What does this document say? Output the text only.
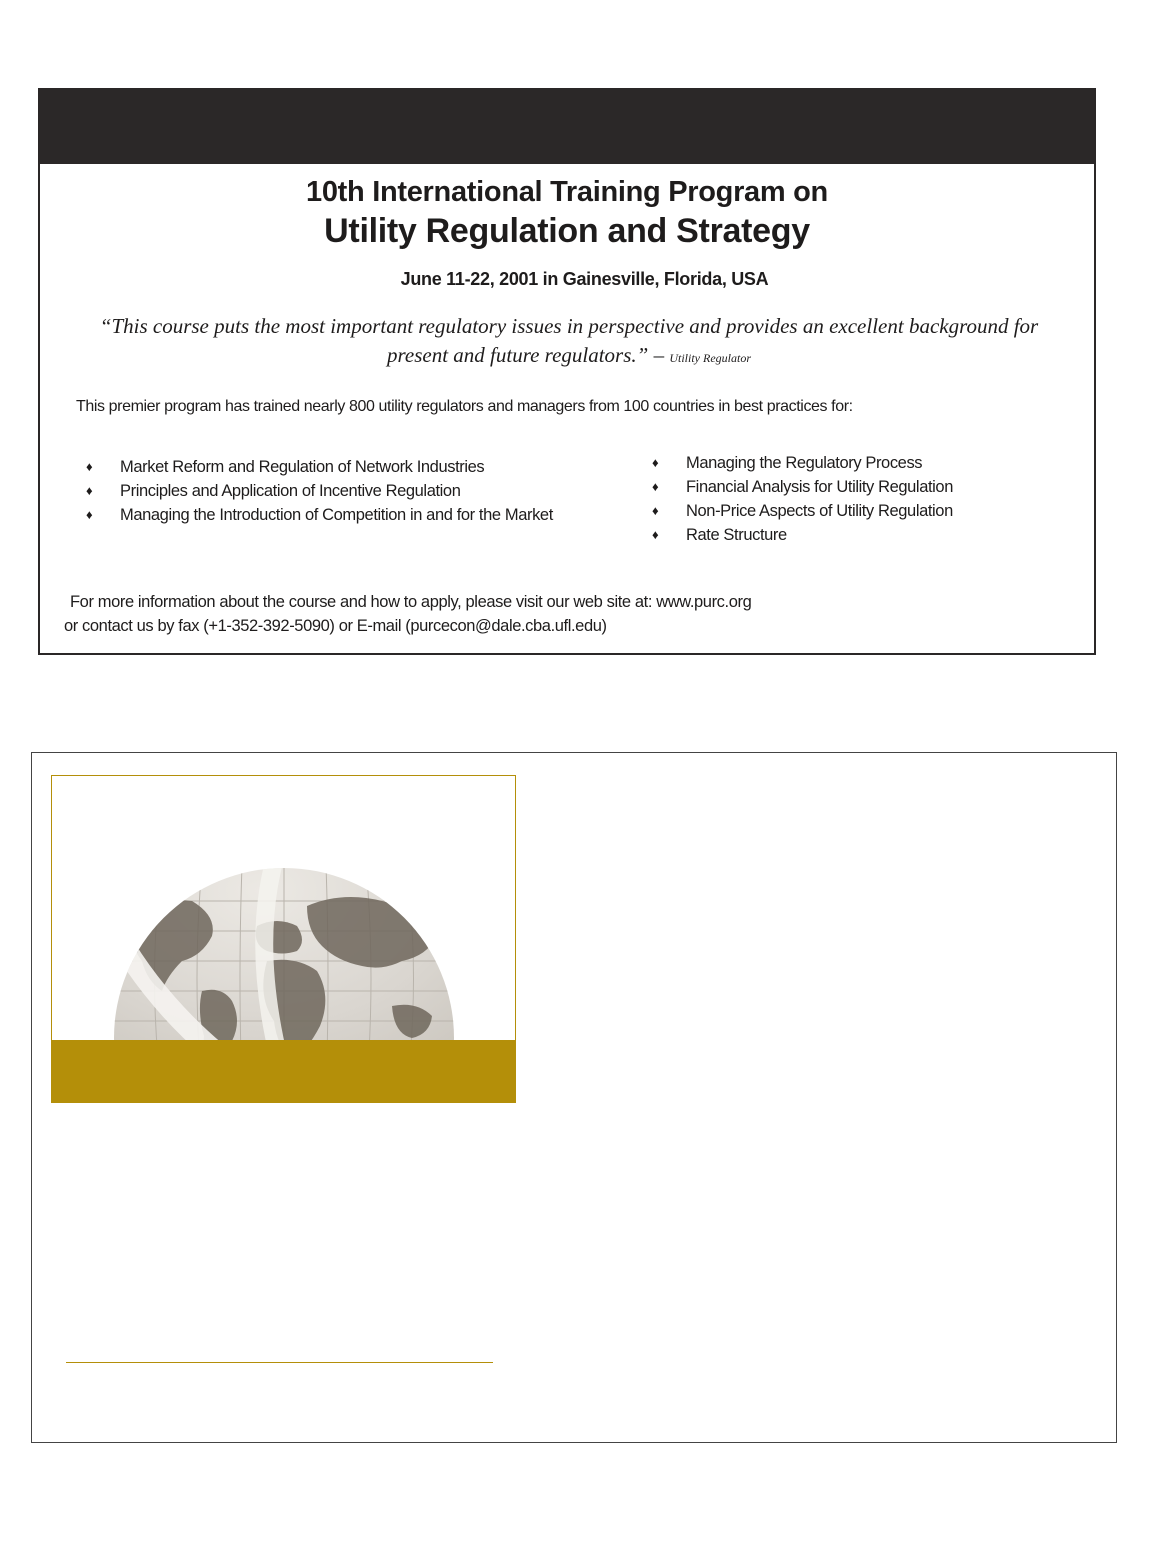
10th International Training Program on
Utility Regulation and Strategy
June 11-22, 2001 in Gainesville, Florida, USA
“This course puts the most important regulatory issues in perspective and provides an excellent background for present and future regulators.” – Utility Regulator
This premier program has trained nearly 800 utility regulators and managers from 100 countries in best practices for:
♦ Market Reform and Regulation of Network Industries
♦ Principles and Application of Incentive Regulation
♦ Managing the Introduction of Competition in and for the Market
♦ Managing the Regulatory Process
♦ Financial Analysis for Utility Regulation
♦ Non-Price Aspects of Utility Regulation
♦ Rate Structure
For more information about the course and how to apply, please visit our web site at: www.purc.org
or contact us by fax (+1-352-392-5090) or E-mail (purcecon@dale.cba.ufl.edu)
